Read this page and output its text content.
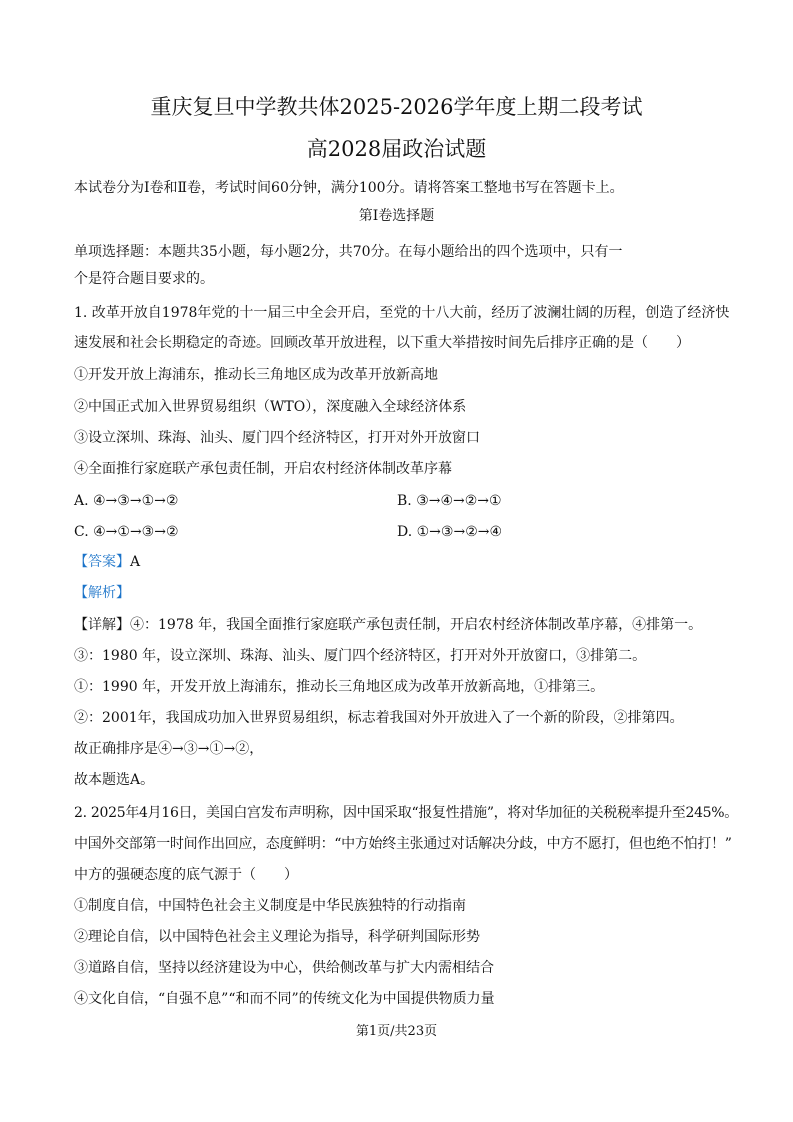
重庆复旦中学教共体2025-2026学年度上期二段考试
高2028届政治试题
本试卷分为Ⅰ卷和Ⅱ卷，考试时间60分钟，满分100分。请将答案工整地书写在答题卡上。
第Ⅰ卷选择题
单项选择题：本题共35小题，每小题2分，共70分。在每小题给出的四个选项中，只有一
个是符合题目要求的。
1. 改革开放自1978年党的十一届三中全会开启，至党的十八大前，经历了波澜壮阔的历程，创造了经济快
速发展和社会长期稳定的奇迹。回顾改革开放进程，以下重大举措按时间先后排序正确的是（　　）
①开发开放上海浦东，推动长三角地区成为改革开放新高地
②中国正式加入世界贸易组织（WTO），深度融入全球经济体系
③设立深圳、珠海、汕头、厦门四个经济特区，打开对外开放窗口
④全面推行家庭联产承包责任制，开启农村经济体制改革序幕
A. ④→③→①→②	B. ③→④→②→①
C. ④→①→③→②	D. ①→③→②→④
【答案】A
【解析】
【详解】④：1978 年，我国全面推行家庭联产承包责任制，开启农村经济体制改革序幕，④排第一。
③：1980 年，设立深圳、珠海、汕头、厦门四个经济特区，打开对外开放窗口，③排第二。
①：1990 年，开发开放上海浦东，推动长三角地区成为改革开放新高地，①排第三。
②：2001年，我国成功加入世界贸易组织，标志着我国对外开放进入了一个新的阶段，②排第四。
故正确排序是④→③→①→②，
故本题选A。
2. 2025年4月16日，美国白宫发布声明称，因中国采取“报复性措施”，将对华加征的关税税率提升至245%。
中国外交部第一时间作出回应，态度鲜明：“中方始终主张通过对话解决分歧，中方不愿打，但也绝不怕打！”
中方的强硬态度的底气源于（　　）
①制度自信，中国特色社会主义制度是中华民族独特的行动指南
②理论自信，以中国特色社会主义理论为指导，科学研判国际形势
③道路自信，坚持以经济建设为中心，供给侧改革与扩大内需相结合
④文化自信，“自强不息”“和而不同”的传统文化为中国提供物质力量
第1页/共23页
